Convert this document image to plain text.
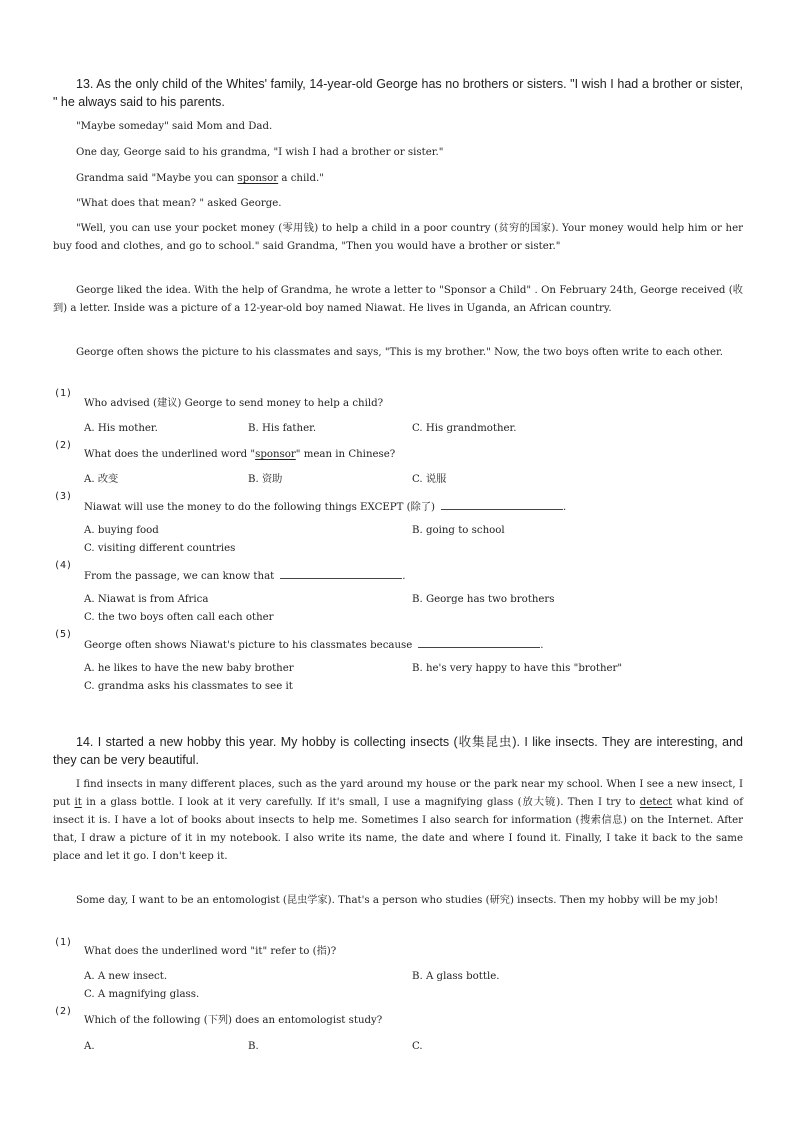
13. As the only child of the Whites' family, 14-year-old George has no brothers or sisters. "I wish I had a brother or sister, " he always said to his parents.
"Maybe someday" said Mom and Dad.
One day, George said to his grandma, "I wish I had a brother or sister."
Grandma said "Maybe you can sponsor a child."
"What does that mean? " asked George.
"Well, you can use your pocket money (零用钱) to help a child in a poor country (贫穷的国家). Your money would help him or her buy food and clothes, and go to school." said Grandma, "Then you would have a brother or sister."
George liked the idea. With the help of Grandma, he wrote a letter to "Sponsor a Child" . On February 24th, George received (收到) a letter. Inside was a picture of a 12-year-old boy named Niawat. He lives in Uganda, an African country.
George often shows the picture to his classmates and says, "This is my brother." Now, the two boys often write to each other.
(1)
Who advised (建议) George to send money to help a child?
A. His mother.	B. His father.	C. His grandmother.
(2)
What does the underlined word "sponsor" mean in Chinese?
A. 改变	B. 资助	C. 说服
(3)
Niawat will use the money to do the following things EXCEPT (除了)	.
A. buying food	B. going to school
C. visiting different countries
(4)
From the passage, we can know that	.
A. Niawat is from Africa	B. George has two brothers
C. the two boys often call each other
(5)
George often shows Niawat's picture to his classmates because	.
A. he likes to have the new baby brother	B. he's very happy to have this "brother"
C. grandma asks his classmates to see it
14. I started a new hobby this year. My hobby is collecting insects (收集昆虫). I like insects. They are interesting, and they can be very beautiful.
I find insects in many different places, such as the yard around my house or the park near my school. When I see a new insect, I put it in a glass bottle. I look at it very carefully. If it's small, I use a magnifying glass (放大镜). Then I try to detect what kind of insect it is. I have a lot of books about insects to help me. Sometimes I also search for information (搜索信息) on the Internet. After that, I draw a picture of it in my notebook. I also write its name, the date and where I found it. Finally, I take it back to the same place and let it go. I don't keep it.
Some day, I want to be an entomologist (昆虫学家). That's a person who studies (研究) insects. Then my hobby will be my job!
(1)
What does the underlined word "it" refer to (指)?
A. A new insect.	B. A glass bottle.
C. A magnifying glass.
(2)
Which of the following (下列) does an entomologist study?
A.	B.	C.
